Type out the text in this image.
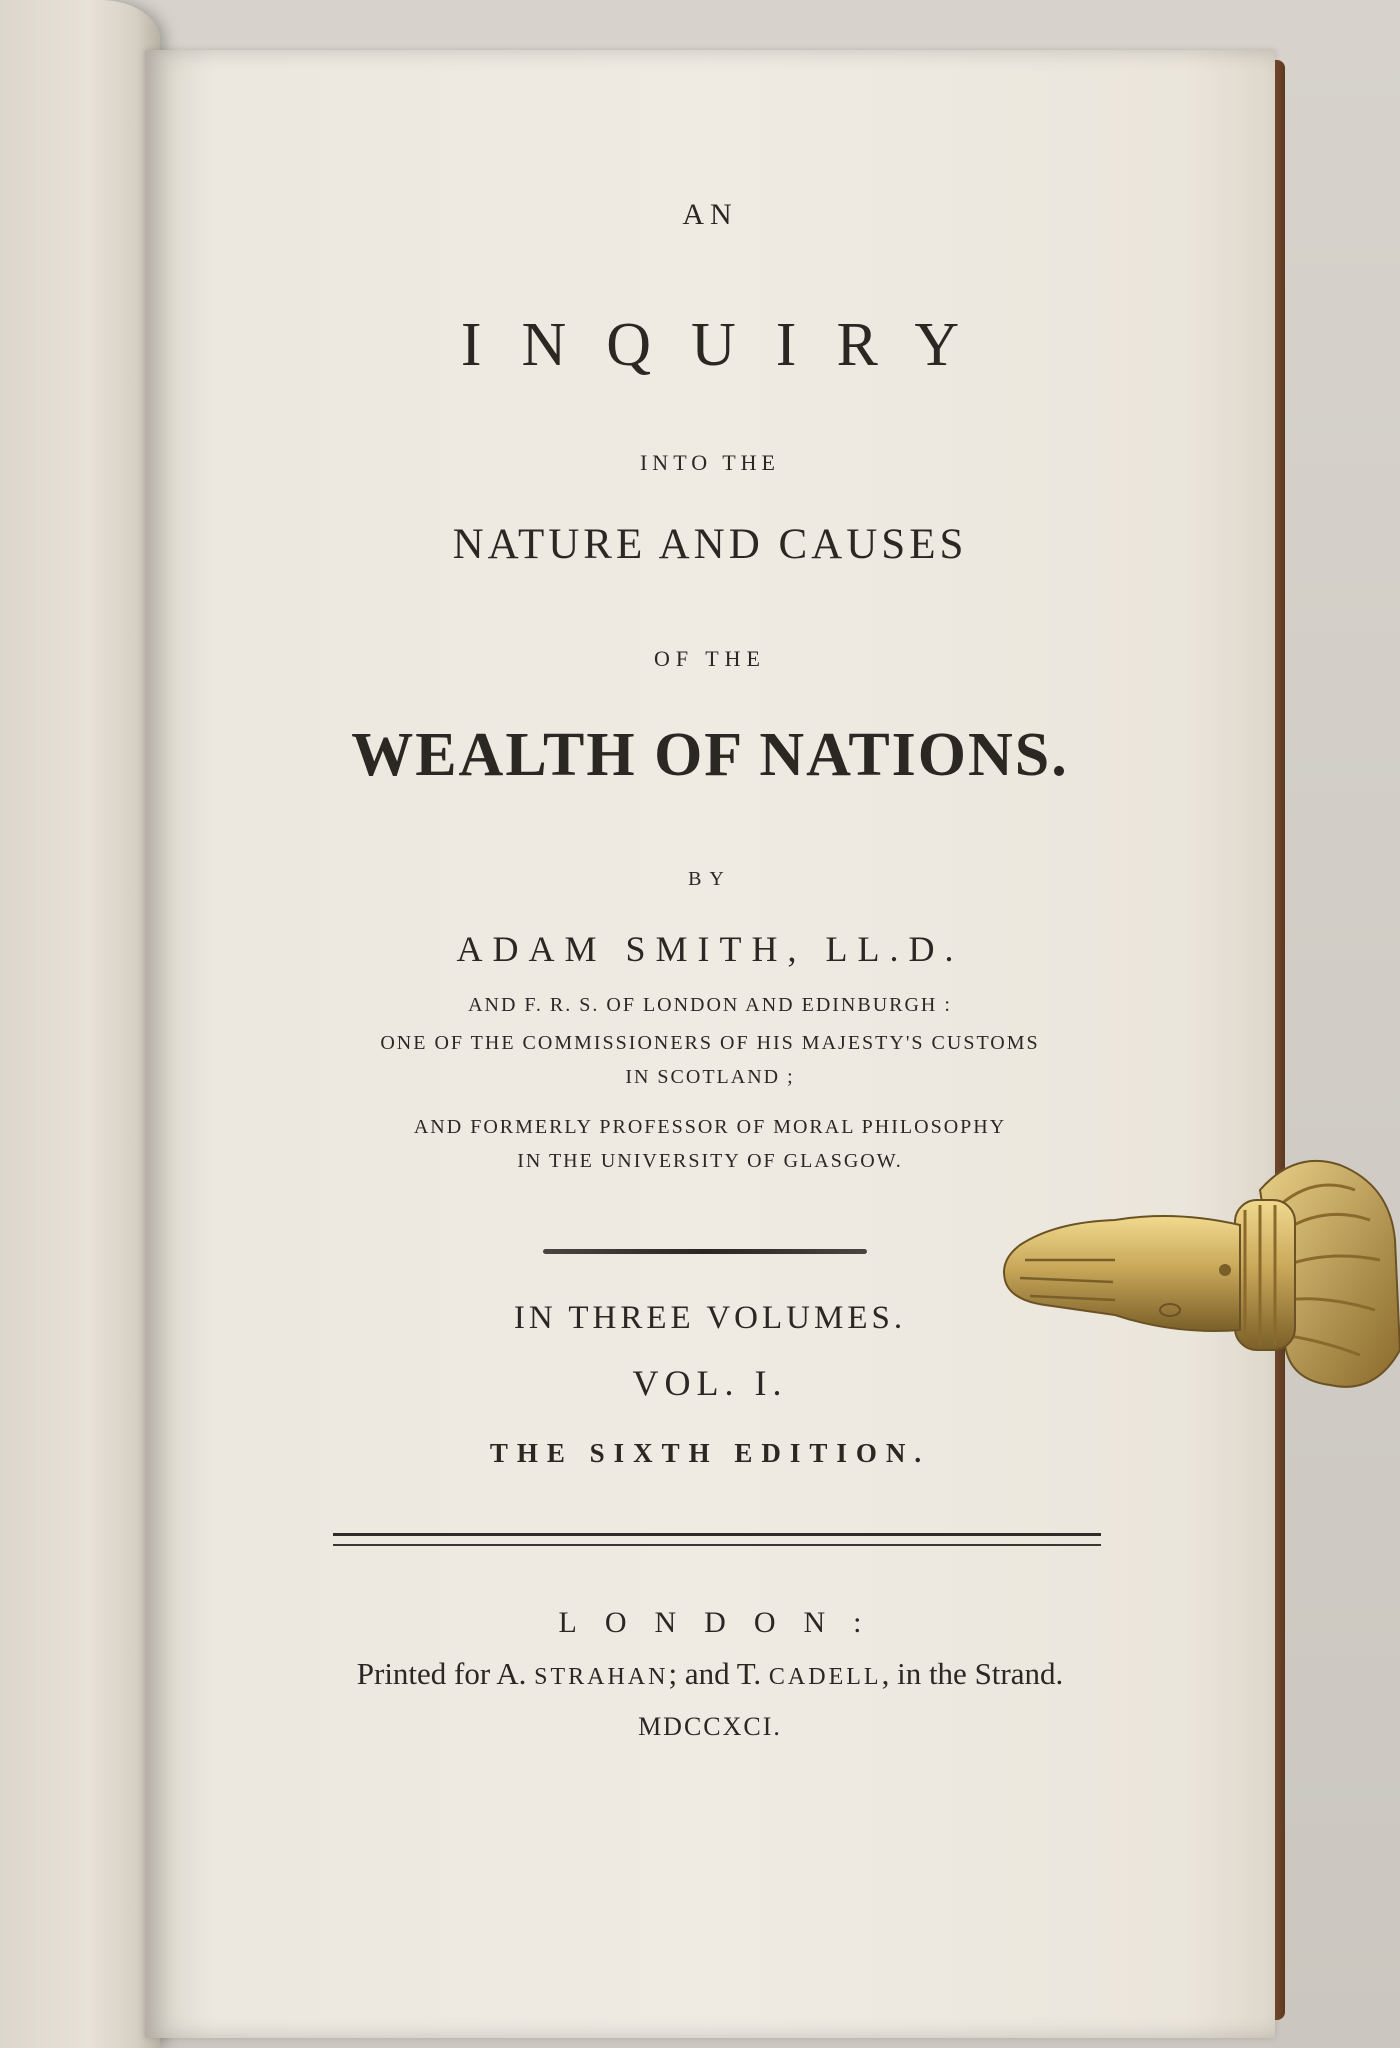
AN
INQUIRY
INTO THE
NATURE AND CAUSES
OF THE
WEALTH OF NATIONS.
BY
ADAM SMITH, LL.D.
AND F. R. S. OF LONDON AND EDINBURGH :
ONE OF THE COMMISSIONERS OF HIS MAJESTY'S CUSTOMS
IN SCOTLAND ;
AND FORMERLY PROFESSOR OF MORAL PHILOSOPHY
IN THE UNIVERSITY OF GLASGOW.
IN THREE VOLUMES.
VOL. I.
THE SIXTH EDITION.
LONDON:
Printed for A. STRAHAN; and T. CADELL, in the Strand.
MDCCXCI.
